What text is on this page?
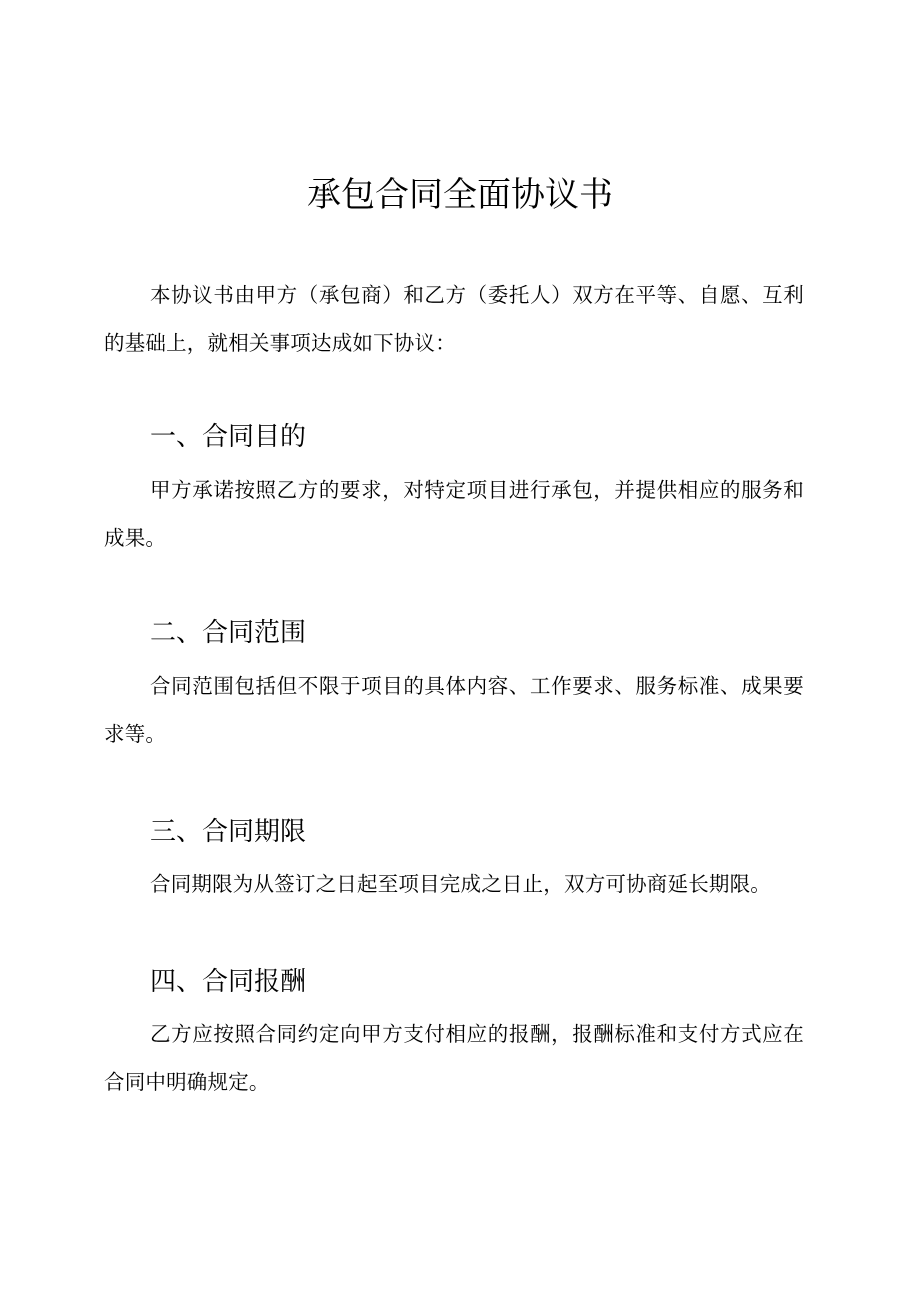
承包合同全面协议书

本协议书由甲方（承包商）和乙方（委托人）双方在平等、自愿、互利的基础上，就相关事项达成如下协议：

一、合同目的

甲方承诺按照乙方的要求，对特定项目进行承包，并提供相应的服务和成果。

二、合同范围

合同范围包括但不限于项目的具体内容、工作要求、服务标准、成果要求等。

三、合同期限

合同期限为从签订之日起至项目完成之日止，双方可协商延长期限。

四、合同报酬

乙方应按照合同约定向甲方支付相应的报酬，报酬标准和支付方式应在合同中明确规定。
